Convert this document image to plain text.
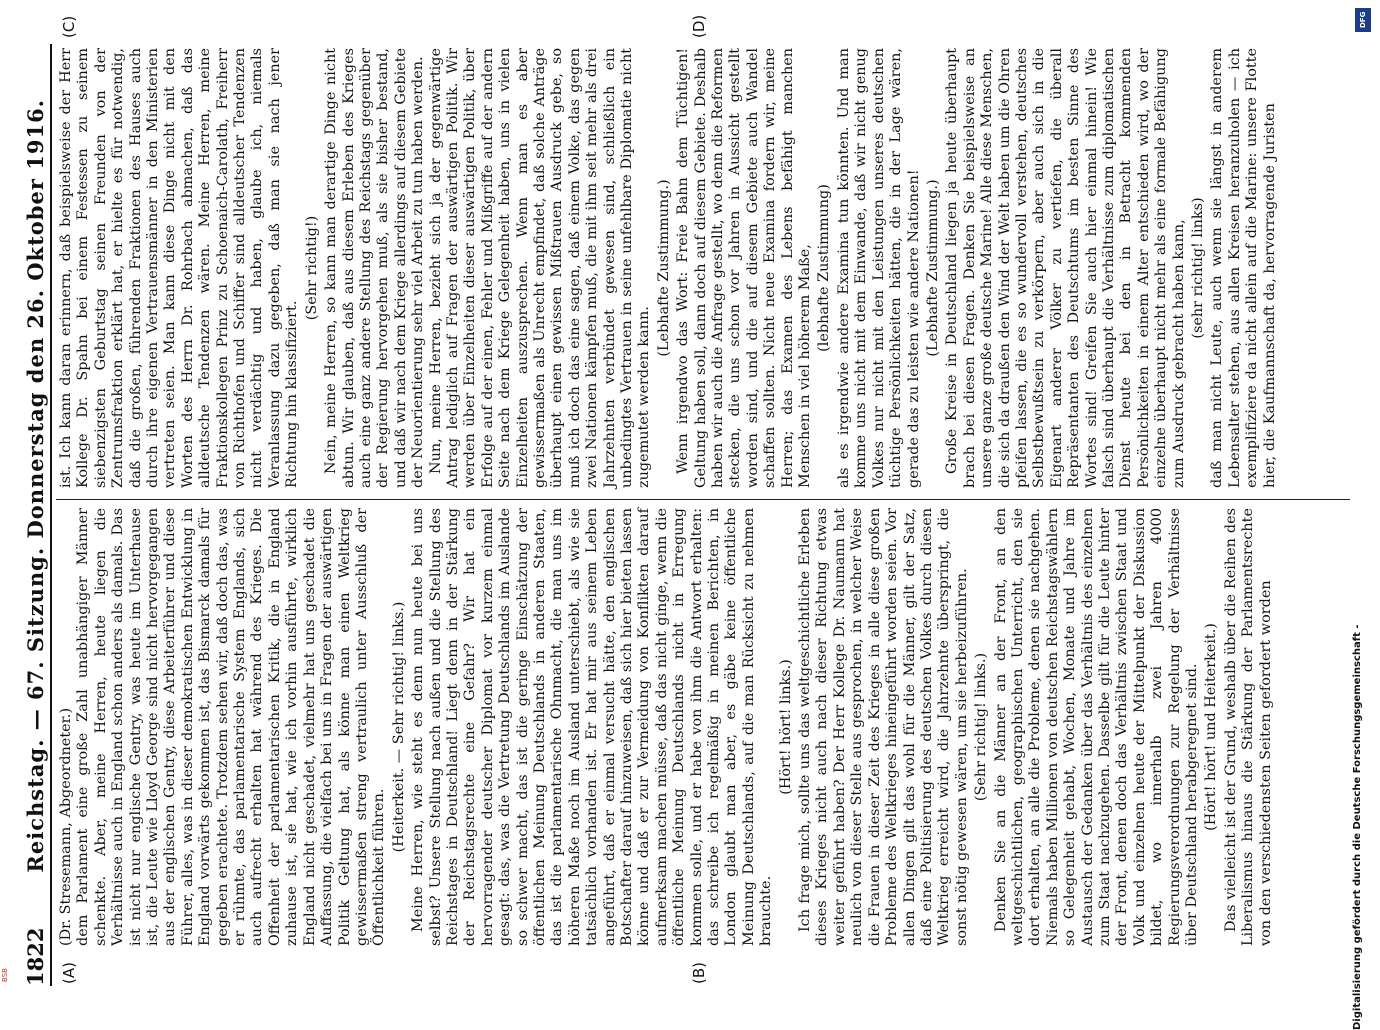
1822
Reichstag. — 67. Sitzung. Donnerstag den 26. Oktober 1916.
(A)	(B)
(C)	(D)

(Dr. Stresemann, Abgeordneter.) dem Parlament eine große Zahl unabhängiger Männer schenkte. Aber, meine Herren, heute liegen die Verhältnisse auch in England schon anders als damals. Das ist nicht nur englische Gentry, was heute im Unterhause ist, die Leute wie Lloyd George sind nicht hervorgegangen aus der englischen Gentry, diese Arbeiterführer und diese Führer, alles, was in dieser demokratischen Entwicklung in England vorwärts gekommen ist, das Bismarck damals für gegeben erachtete. Trotzdem sehen wir, daß doch das, was er rühmte, das parlamentarische System Englands, sich auch aufrecht erhalten hat während des Krieges. Die Offenheit der parlamentarischen Kritik, die in England zuhause ist, sie hat, wie ich vorhin ausführte, wirklich England nicht geschadet, vielmehr hat uns geschadet die Auffassung, die vielfach bei uns in Fragen der auswärtigen Politik Geltung hat, als könne man einen Weltkrieg gewissermaßen streng vertraulich unter Ausschluß der Öffentlichkeit führen.

(Heiterkeit. — Sehr richtig! links.) Meine Herren, wie steht es denn nun heute bei uns selbst? Unsere Stellung nach außen und die Stellung des Reichstages in Deutschland! Liegt denn in der Stärkung der Reichstagsrechte eine Gefahr? Wir hat ein hervorragender deutscher Diplomat vor kurzem einmal gesagt: das, was die Vertretung Deutschlands im Auslande so schwer macht, das ist die geringe Einschätzung der öffentlichen Meinung Deutschlands in anderen Staaten, das ist die parlamentarische Ohnmacht, die man uns im höheren Maße noch im Ausland unterschiebt, als wie sie tatsächlich vorhanden ist. Er hat mir aus seinem Leben angeführt, daß er einmal versucht hätte, den englischen Botschafter darauf hinzuweisen, daß sich hier bieten lassen könne und daß er zur Vermeidung von Konflikten darauf aufmerksam machen müsse, daß das nicht ginge, wenn die öffentliche Meinung Deutschlands nicht in Erregung kommen solle, und er habe von ihm die Antwort erhalten: das schreibe ich regelmäßig in meinen Berichten, in London glaubt man aber, es gäbe keine öffentliche Meinung Deutschlands, auf die man Rücksicht zu nehmen brauchte.

(Hört! hört! links.) Ich frage mich, sollte uns das weltgeschichtliche Erleben dieses Krieges nicht auch nach dieser Richtung etwas weiter geführt haben? Der Herr Kollege Dr. Naumann hat neulich von dieser Stelle aus gesprochen, in welcher Weise die Frauen in dieser Zeit des Krieges in alle diese großen Probleme des Weltkrieges hineingeführt worden seien. Vor allen Dingen gilt das wohl für die Männer, gilt der Satz, daß eine Politisierung des deutschen Volkes durch diesen Weltkrieg erreicht wird, die Jahrzehnte überspringt, die sonst nötig gewesen wären, um sie herbeizuführen. (Sehr richtig! links.) Denken Sie an die Männer an der Front, an den weltgeschichtlichen, geographischen Unterricht, den sie dort erhalten, an alle die Probleme, denen sie nachgehen. Niemals haben Millionen von deutschen Reichstagswählern so Gelegenheit gehabt, Wochen, Monate und Jahre im Austausch der Gedanken über das Verhältnis des einzelnen zum Staat nachzugehen. Dasselbe gilt für die Leute hinter der Front, denen doch das Verhältnis zwischen Staat und Volk und einzelnen heute der Mittelpunkt der Diskussion bildet, wo innerhalb zwei Jahren 4000 Regierungsverordnungen zur Regelung der Verhältnisse über Deutschland herabgeregnet sind. (Hört! hört! und Heiterkeit.) Das vielleicht ist der Grund, weshalb über die Reihen des Liberalismus hinaus die Stärkung der Parlamentsrechte von den verschiedensten Seiten gefordert worden

ist. Ich kann daran erinnern, daß beispielsweise der Herr Kollege Dr. Spahn bei einem Festessen zu seinem siebenzigsten Geburtstag seinen Freunden von der Zentrumsfraktion erklärt hat, er hielte es für notwendig, daß die großen, führenden Fraktionen des Hauses auch durch ihre eigenen Vertrauensmänner in den Ministerien vertreten seien. Man kann diese Dinge nicht mit den Worten des Herrn Dr. Rohrbach abmachen, daß das alldeutsche Tendenzen wären. Meine Herren, meine Fraktionskollegen Prinz zu Schoenaich-Carolath, Freiherr von Richthofen und Schiffer sind alldeutscher Tendenzen nicht verdächtig und haben, glaube ich, niemals Veranlassung dazu gegeben, daß man sie nach jener Richtung hin klassifiziert.

(Sehr richtig!) Nein, meine Herren, so kann man derartige Dinge nicht abtun. Wir glauben, daß aus diesem Erleben des Krieges auch eine ganz andere Stellung des Reichstags gegenüber der Regierung hervorgehen muß, als sie bisher bestand, und daß wir nach dem Kriege allerdings auf diesem Gebiete der Neuorientierung sehr viel Arbeit zu tun haben werden. Nun, meine Herren, bezieht sich ja der gegenwärtige Antrag lediglich auf Fragen der auswärtigen Politik. Wir werden über Einzelheiten dieser auswärtigen Politik, über Erfolge auf der einen, Fehler und Mißgriffe auf der andern Seite nach dem Kriege Gelegenheit haben, uns in vielen Einzelheiten auszusprechen. Wenn man es aber gewissermaßen als Unrecht empfindet, daß solche Anträge überhaupt einen gewissen Mißtrauen Ausdruck gebe, so muß ich doch das eine sagen, daß einem Volke, das gegen zwei Nationen kämpfen muß, die mit ihm seit mehr als drei Jahrzehnten verbündet gewesen sind, schließlich ein unbedingtes Vertrauen in seine unfehlbare Diplomatie nicht zugemutet werden kann.

(Lebhafte Zustimmung.) Wenn irgendwo das Wort: Freie Bahn dem Tüchtigen! Geltung haben soll, dann doch auf diesem Gebiete. Deshalb haben wir auch die Anfrage gestellt, wo denn die Reformen stecken, die uns schon vor Jahren in Aussicht gestellt worden sind, und die auf diesem Gebiete auch Wandel schaffen sollten. Nicht neue Examina fordern wir, meine Herren; das Examen des Lebens befähigt manchen Menschen in viel höherem Maße, (lebhafte Zustimmung) als es irgendwie andere Examina tun könnten. Und man komme uns nicht mit dem Einwande, daß wir nicht genug Volkes nur nicht mit den Leistungen unseres deutschen tüchtige Persönlichkeiten hätten, die in der Lage wären, gerade das zu leisten wie andere Nationen! (Lebhafte Zustimmung.) Große Kreise in Deutschland liegen ja heute überhaupt brach bei diesen Fragen. Denken Sie beispielsweise an unsere ganze große deutsche Marine! Alle diese Menschen, die sich da draußen den Wind der Welt haben um die Ohren pfeifen lassen, die es so wundervoll verstehen, deutsches Selbstbewußtsein zu verkörpern, aber auch sich in die Eigenart anderer Völker zu vertiefen, die überall Repräsentanten des Deutschtums im besten Sinne des Wortes sind! Greifen Sie auch hier einmal hinein! Wie falsch sind überhaupt die Verhältnisse zum diplomatischen Dienst heute bei den in Betracht kommenden Persönlichkeiten in einem Alter entschieden wird, wo der einzelne überhaupt nicht mehr als eine formale Befähigung zum Ausdruck gebracht haben kann, (sehr richtig! links) daß man nicht Leute, auch wenn sie längst in anderem Lebensalter stehen, aus allen Kreisen heranzuholen — ich exemplifiziere da nicht allein auf die Marine: unsere Flotte hier, die Kaufmannschaft da, hervorragende Juristen

DFG
Digitalisierung gefördert durch die Deutsche Forschungsgemeinschaft -
BSB
